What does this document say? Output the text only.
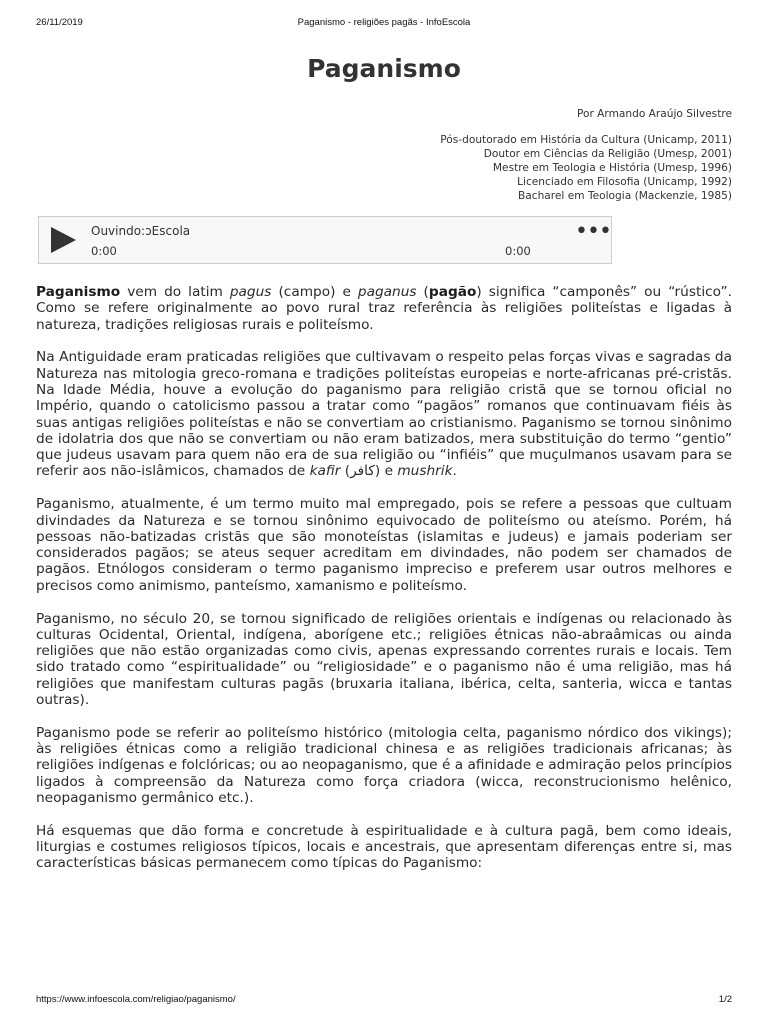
26/11/2019	Paganismo - religiões pagãs - InfoEscola
Paganismo
Por Armando Araújo Silvestre
Pós-doutorado em História da Cultura (Unicamp, 2011)
Doutor em Ciências da Religião (Umesp, 2001)
Mestre em Teologia e História (Umesp, 1996)
Licenciado em Filosofia (Unicamp, 1992)
Bacharel em Teologia (Mackenzie, 1985)
Ouvindo:ɔEscola
0:00	0:00
•••

Paganismo vem do latim pagus (campo) e paganus (pagão) significa “camponês” ou “rústico”. Como se refere originalmente ao povo rural traz referência às religiões politeístas e ligadas à natureza, tradições religiosas rurais e politeísmo.

Na Antiguidade eram praticadas religiões que cultivavam o respeito pelas forças vivas e sagradas da Natureza nas mitologia greco-romana e tradições politeístas europeias e norte-africanas pré-cristãs. Na Idade Média, houve a evolução do paganismo para religião cristã que se tornou oficial no Império, quando o catolicismo passou a tratar como “pagãos” romanos que continuavam fiéis às suas antigas religiões politeístas e não se convertiam ao cristianismo. Paganismo se tornou sinônimo de idolatria dos que não se convertiam ou não eram batizados, mera substituição do termo “gentio” que judeus usavam para quem não era de sua religião ou “infiéis” que muçulmanos usavam para se referir aos não-islâmicos, chamados de kafir (كافر) e mushrik.

Paganismo, atualmente, é um termo muito mal empregado, pois se refere a pessoas que cultuam divindades da Natureza e se tornou sinônimo equivocado de politeísmo ou ateísmo. Porém, há pessoas não-batizadas cristãs que são monoteístas (islamitas e judeus) e jamais poderiam ser considerados pagãos; se ateus sequer acreditam em divindades, não podem ser chamados de pagãos. Etnólogos consideram o termo paganismo impreciso e preferem usar outros melhores e precisos como animismo, panteísmo, xamanismo e politeísmo.

Paganismo, no século 20, se tornou significado de religiões orientais e indígenas ou relacionado às culturas Ocidental, Oriental, indígena, aborígene etc.; religiões étnicas não-abraâmicas ou ainda religiões que não estão organizadas como civis, apenas expressando correntes rurais e locais. Tem sido tratado como “espiritualidade” ou “religiosidade” e o paganismo não é uma religião, mas há religiões que manifestam culturas pagãs (bruxaria italiana, ibérica, celta, santeria, wicca e tantas outras).

Paganismo pode se referir ao politeísmo histórico (mitologia celta, paganismo nórdico dos vikings); às religiões étnicas como a religião tradicional chinesa e as religiões tradicionais africanas; às religiões indígenas e folclóricas; ou ao neopaganismo, que é a afinidade e admiração pelos princípios ligados à compreensão da Natureza como força criadora (wicca, reconstrucionismo helênico, neopaganismo germânico etc.).

Há esquemas que dão forma e concretude à espiritualidade e à cultura pagã, bem como ideais, liturgias e costumes religiosos típicos, locais e ancestrais, que apresentam diferenças entre si, mas características básicas permanecem como típicas do Paganismo:

https://www.infoescola.com/religiao/paganismo/	1/2
